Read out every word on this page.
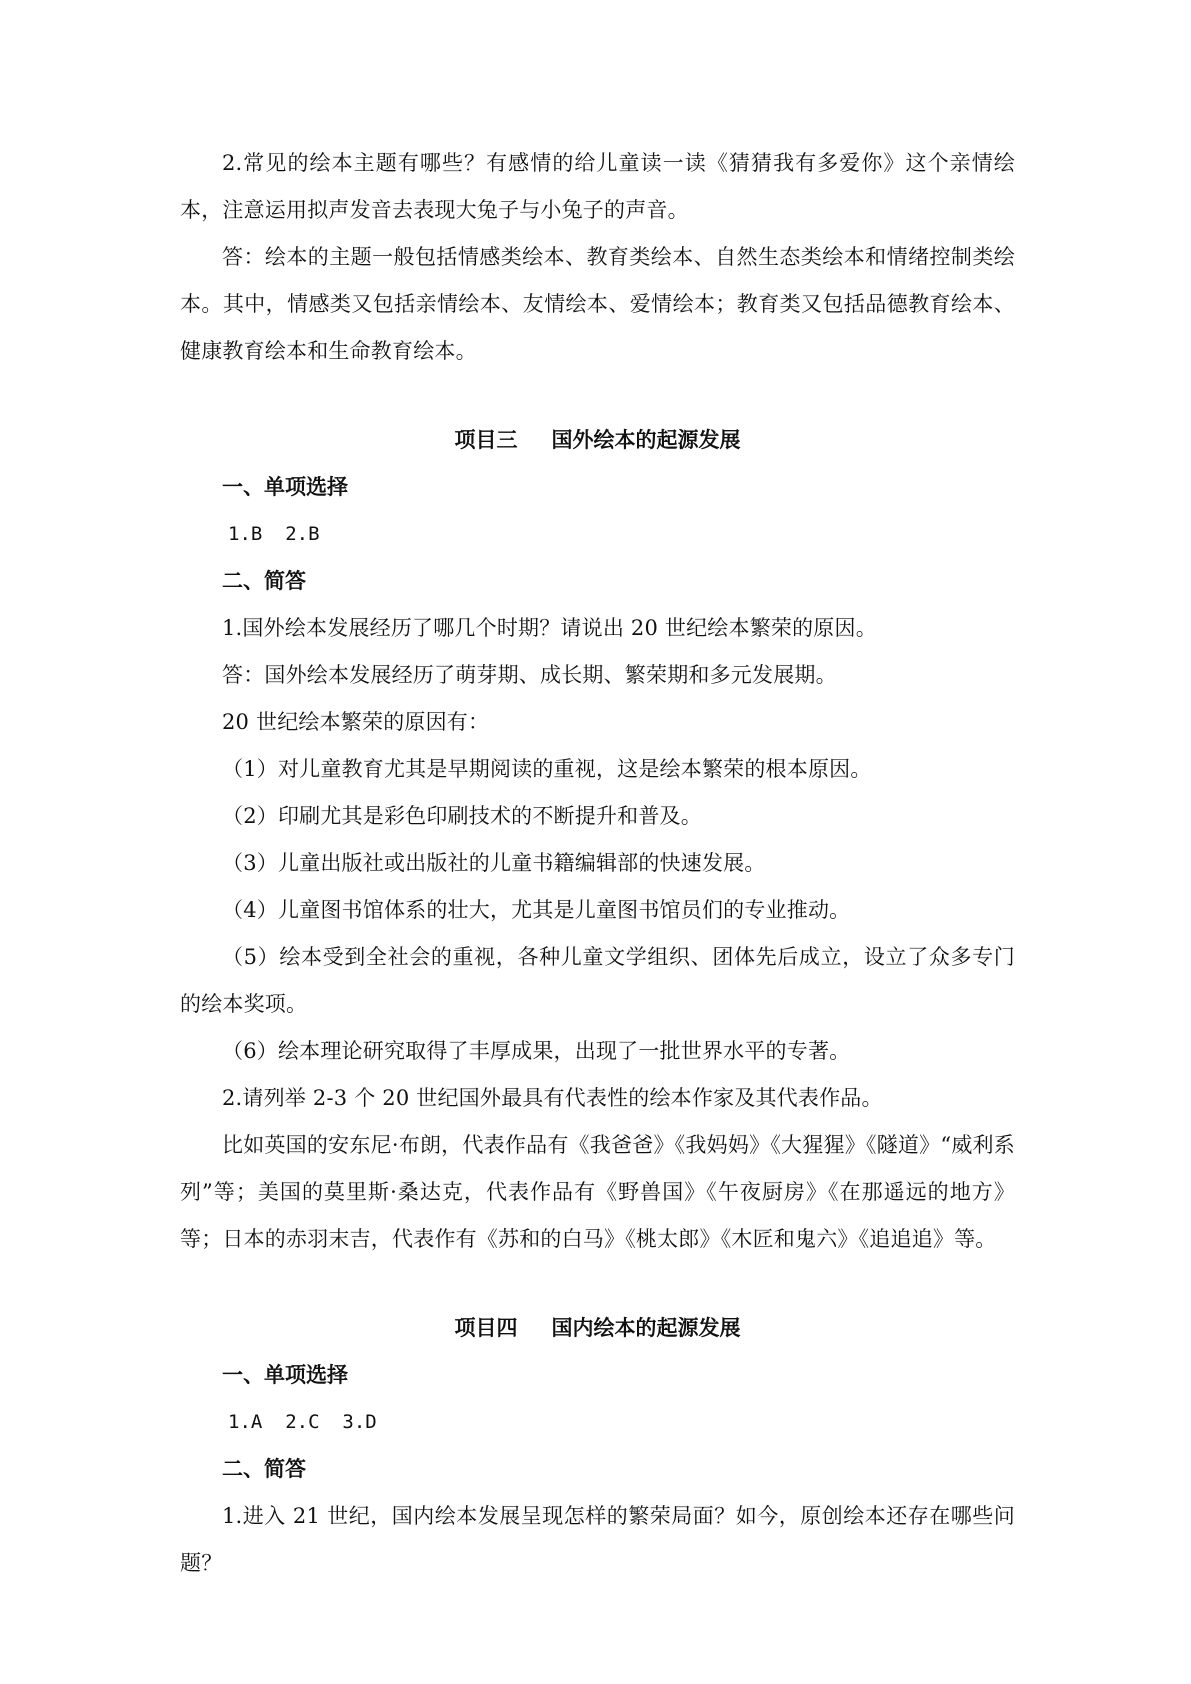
2.常见的绘本主题有哪些？有感情的给儿童读一读《猜猜我有多爱你》这个亲情绘本，注意运用拟声发音去表现大兔子与小兔子的声音。

答：绘本的主题一般包括情感类绘本、教育类绘本、自然生态类绘本和情绪控制类绘本。其中，情感类又包括亲情绘本、友情绘本、爱情绘本；教育类又包括品德教育绘本、健康教育绘本和生命教育绘本。

项目三 国外绘本的起源发展
一、单项选择
1.B  2.B
二、简答

1.国外绘本发展经历了哪几个时期？请说出 20 世纪绘本繁荣的原因。

答：国外绘本发展经历了萌芽期、成长期、繁荣期和多元发展期。

20 世纪绘本繁荣的原因有：

（1）对儿童教育尤其是早期阅读的重视，这是绘本繁荣的根本原因。

（2）印刷尤其是彩色印刷技术的不断提升和普及。

（3）儿童出版社或出版社的儿童书籍编辑部的快速发展。

（4）儿童图书馆体系的壮大，尤其是儿童图书馆员们的专业推动。

（5）绘本受到全社会的重视，各种儿童文学组织、团体先后成立，设立了众多专门的绘本奖项。

（6）绘本理论研究取得了丰厚成果，出现了一批世界水平的专著。

2.请列举 2-3 个 20 世纪国外最具有代表性的绘本作家及其代表作品。

比如英国的安东尼·布朗，代表作品有《我爸爸》《我妈妈》《大猩猩》《隧道》“威利系列”等；美国的莫里斯·桑达克，代表作品有《野兽国》《午夜厨房》《在那遥远的地方》等；日本的赤羽末吉，代表作有《苏和的白马》《桃太郎》《木匠和鬼六》《追追追》等。

项目四 国内绘本的起源发展
一、单项选择
1.A  2.C  3.D
二、简答

1.进入 21 世纪，国内绘本发展呈现怎样的繁荣局面？如今，原创绘本还存在哪些问题？
